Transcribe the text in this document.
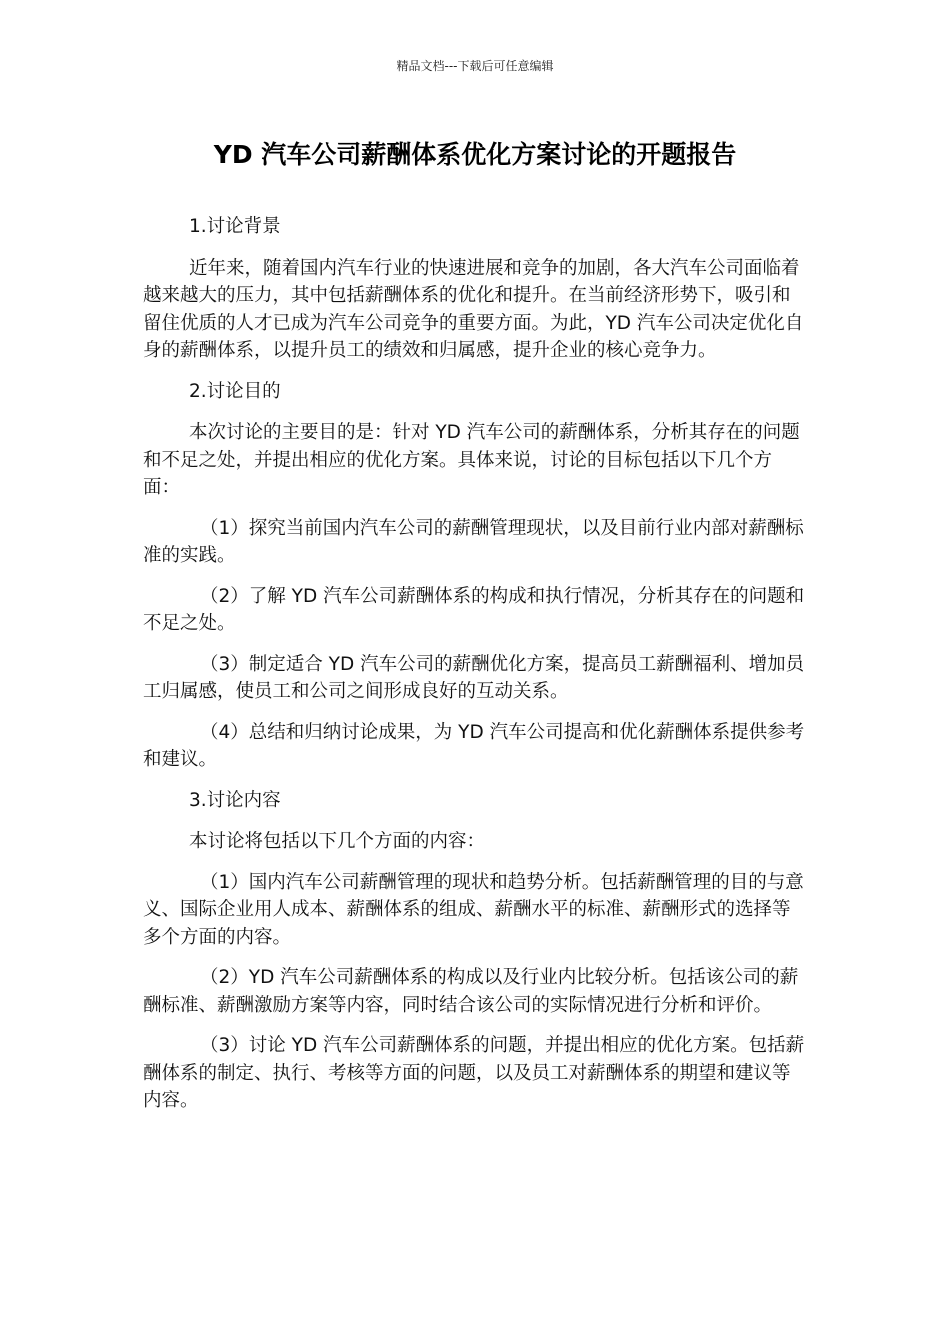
精品文档---下载后可任意编辑
YD 汽车公司薪酬体系优化方案讨论的开题报告

1.讨论背景

近年来，随着国内汽车行业的快速进展和竞争的加剧，各大汽车公司面临着越来越大的压力，其中包括薪酬体系的优化和提升。在当前经济形势下，吸引和留住优质的人才已成为汽车公司竞争的重要方面。为此，YD 汽车公司决定优化自身的薪酬体系，以提升员工的绩效和归属感，提升企业的核心竞争力。

2.讨论目的

本次讨论的主要目的是：针对 YD 汽车公司的薪酬体系，分析其存在的问题和不足之处，并提出相应的优化方案。具体来说，讨论的目标包括以下几个方面：

（1）探究当前国内汽车公司的薪酬管理现状，以及目前行业内部对薪酬标准的实践。

（2）了解 YD 汽车公司薪酬体系的构成和执行情况，分析其存在的问题和不足之处。

（3）制定适合 YD 汽车公司的薪酬优化方案，提高员工薪酬福利、增加员工归属感，使员工和公司之间形成良好的互动关系。

（4）总结和归纳讨论成果，为 YD 汽车公司提高和优化薪酬体系提供参考和建议。

3.讨论内容

本讨论将包括以下几个方面的内容：

（1）国内汽车公司薪酬管理的现状和趋势分析。包括薪酬管理的目的与意义、国际企业用人成本、薪酬体系的组成、薪酬水平的标准、薪酬形式的选择等多个方面的内容。

（2）YD 汽车公司薪酬体系的构成以及行业内比较分析。包括该公司的薪酬标准、薪酬激励方案等内容，同时结合该公司的实际情况进行分析和评价。

（3）讨论 YD 汽车公司薪酬体系的问题，并提出相应的优化方案。包括薪酬体系的制定、执行、考核等方面的问题，以及员工对薪酬体系的期望和建议等内容。
